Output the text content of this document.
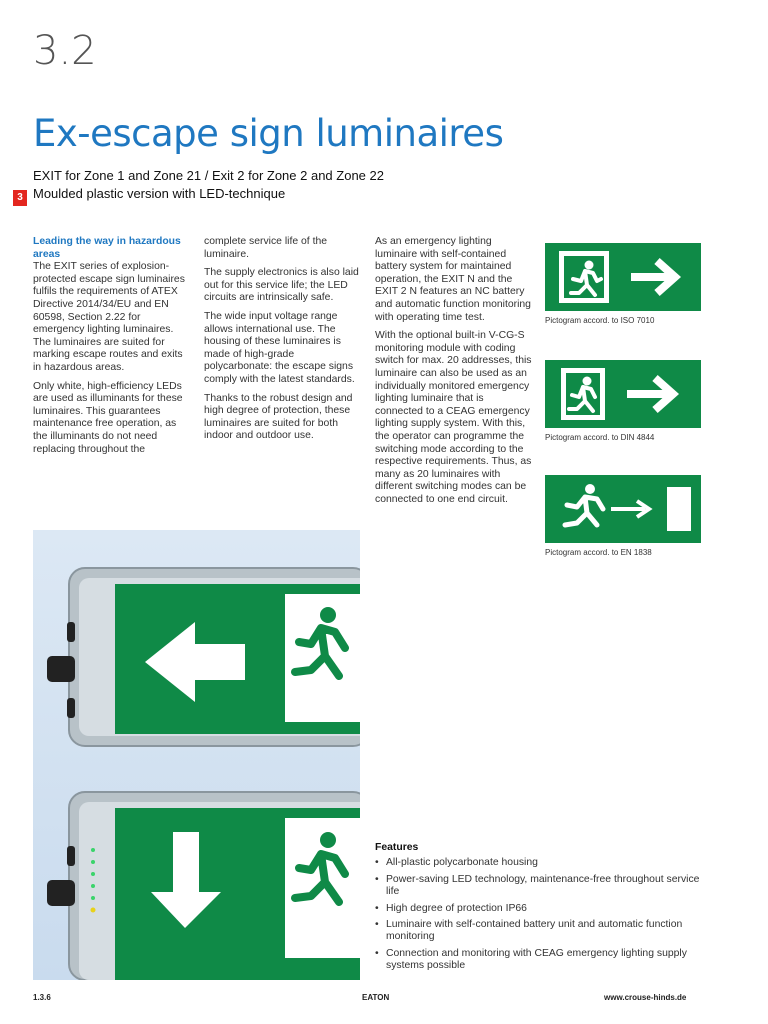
3.2
Ex-escape sign luminaires
EXIT for Zone 1 and Zone 21 / Exit 2 for Zone 2 and Zone 22
Moulded plastic version with LED-technique
3
Leading the way in hazardous areas

The EXIT series of explosion-protected escape sign luminaires fulfils the requirements of ATEX Directive 2014/34/EU and EN 60598, Section 2.22 for emergency lighting luminaires. The luminaires are suited for marking escape routes and exits in hazardous areas.

Only white, high-efficiency LEDs are used as illuminants for these luminaires. This guarantees maintenance free operation, as the illuminants do not need replacing throughout the

complete service life of the luminaire.

The supply electronics is also laid out for this service life; the LED circuits are intrinsically safe.

The wide input voltage range allows international use. The housing of these luminaires is made of high-grade polycarbonate: the escape signs comply with the latest standards.

Thanks to the robust design and high degree of protection, these luminaires are suited for both indoor and outdoor use.

As an emergency lighting luminaire with self-contained battery system for maintained operation, the EXIT N and the EXIT 2 N features an NC battery and automatic function monitoring with operating time test.

With the optional built-in V-CG-S monitoring module with coding switch for max. 20 addresses, this luminaire can also be used as an individually monitored emergency lighting luminaire that is connected to a CEAG emergency lighting supply system. With this, the operator can programme the switching mode according to the respective requirements. Thus, as many as 20 luminaires with different switching modes can be connected to one end circuit.

Pictogram accord. to ISO 7010
Pictogram accord. to DIN 4844
Pictogram accord. to EN 1838
Features
• All-plastic polycarbonate housing
• Power-saving LED technology, maintenance-free throughout service life
• High degree of protection IP66
• Luminaire with self-contained battery unit and automatic function monitoring
• Connection and monitoring with CEAG emergency lighting supply systems possible
1.3.6	EATON	www.crouse-hinds.de
